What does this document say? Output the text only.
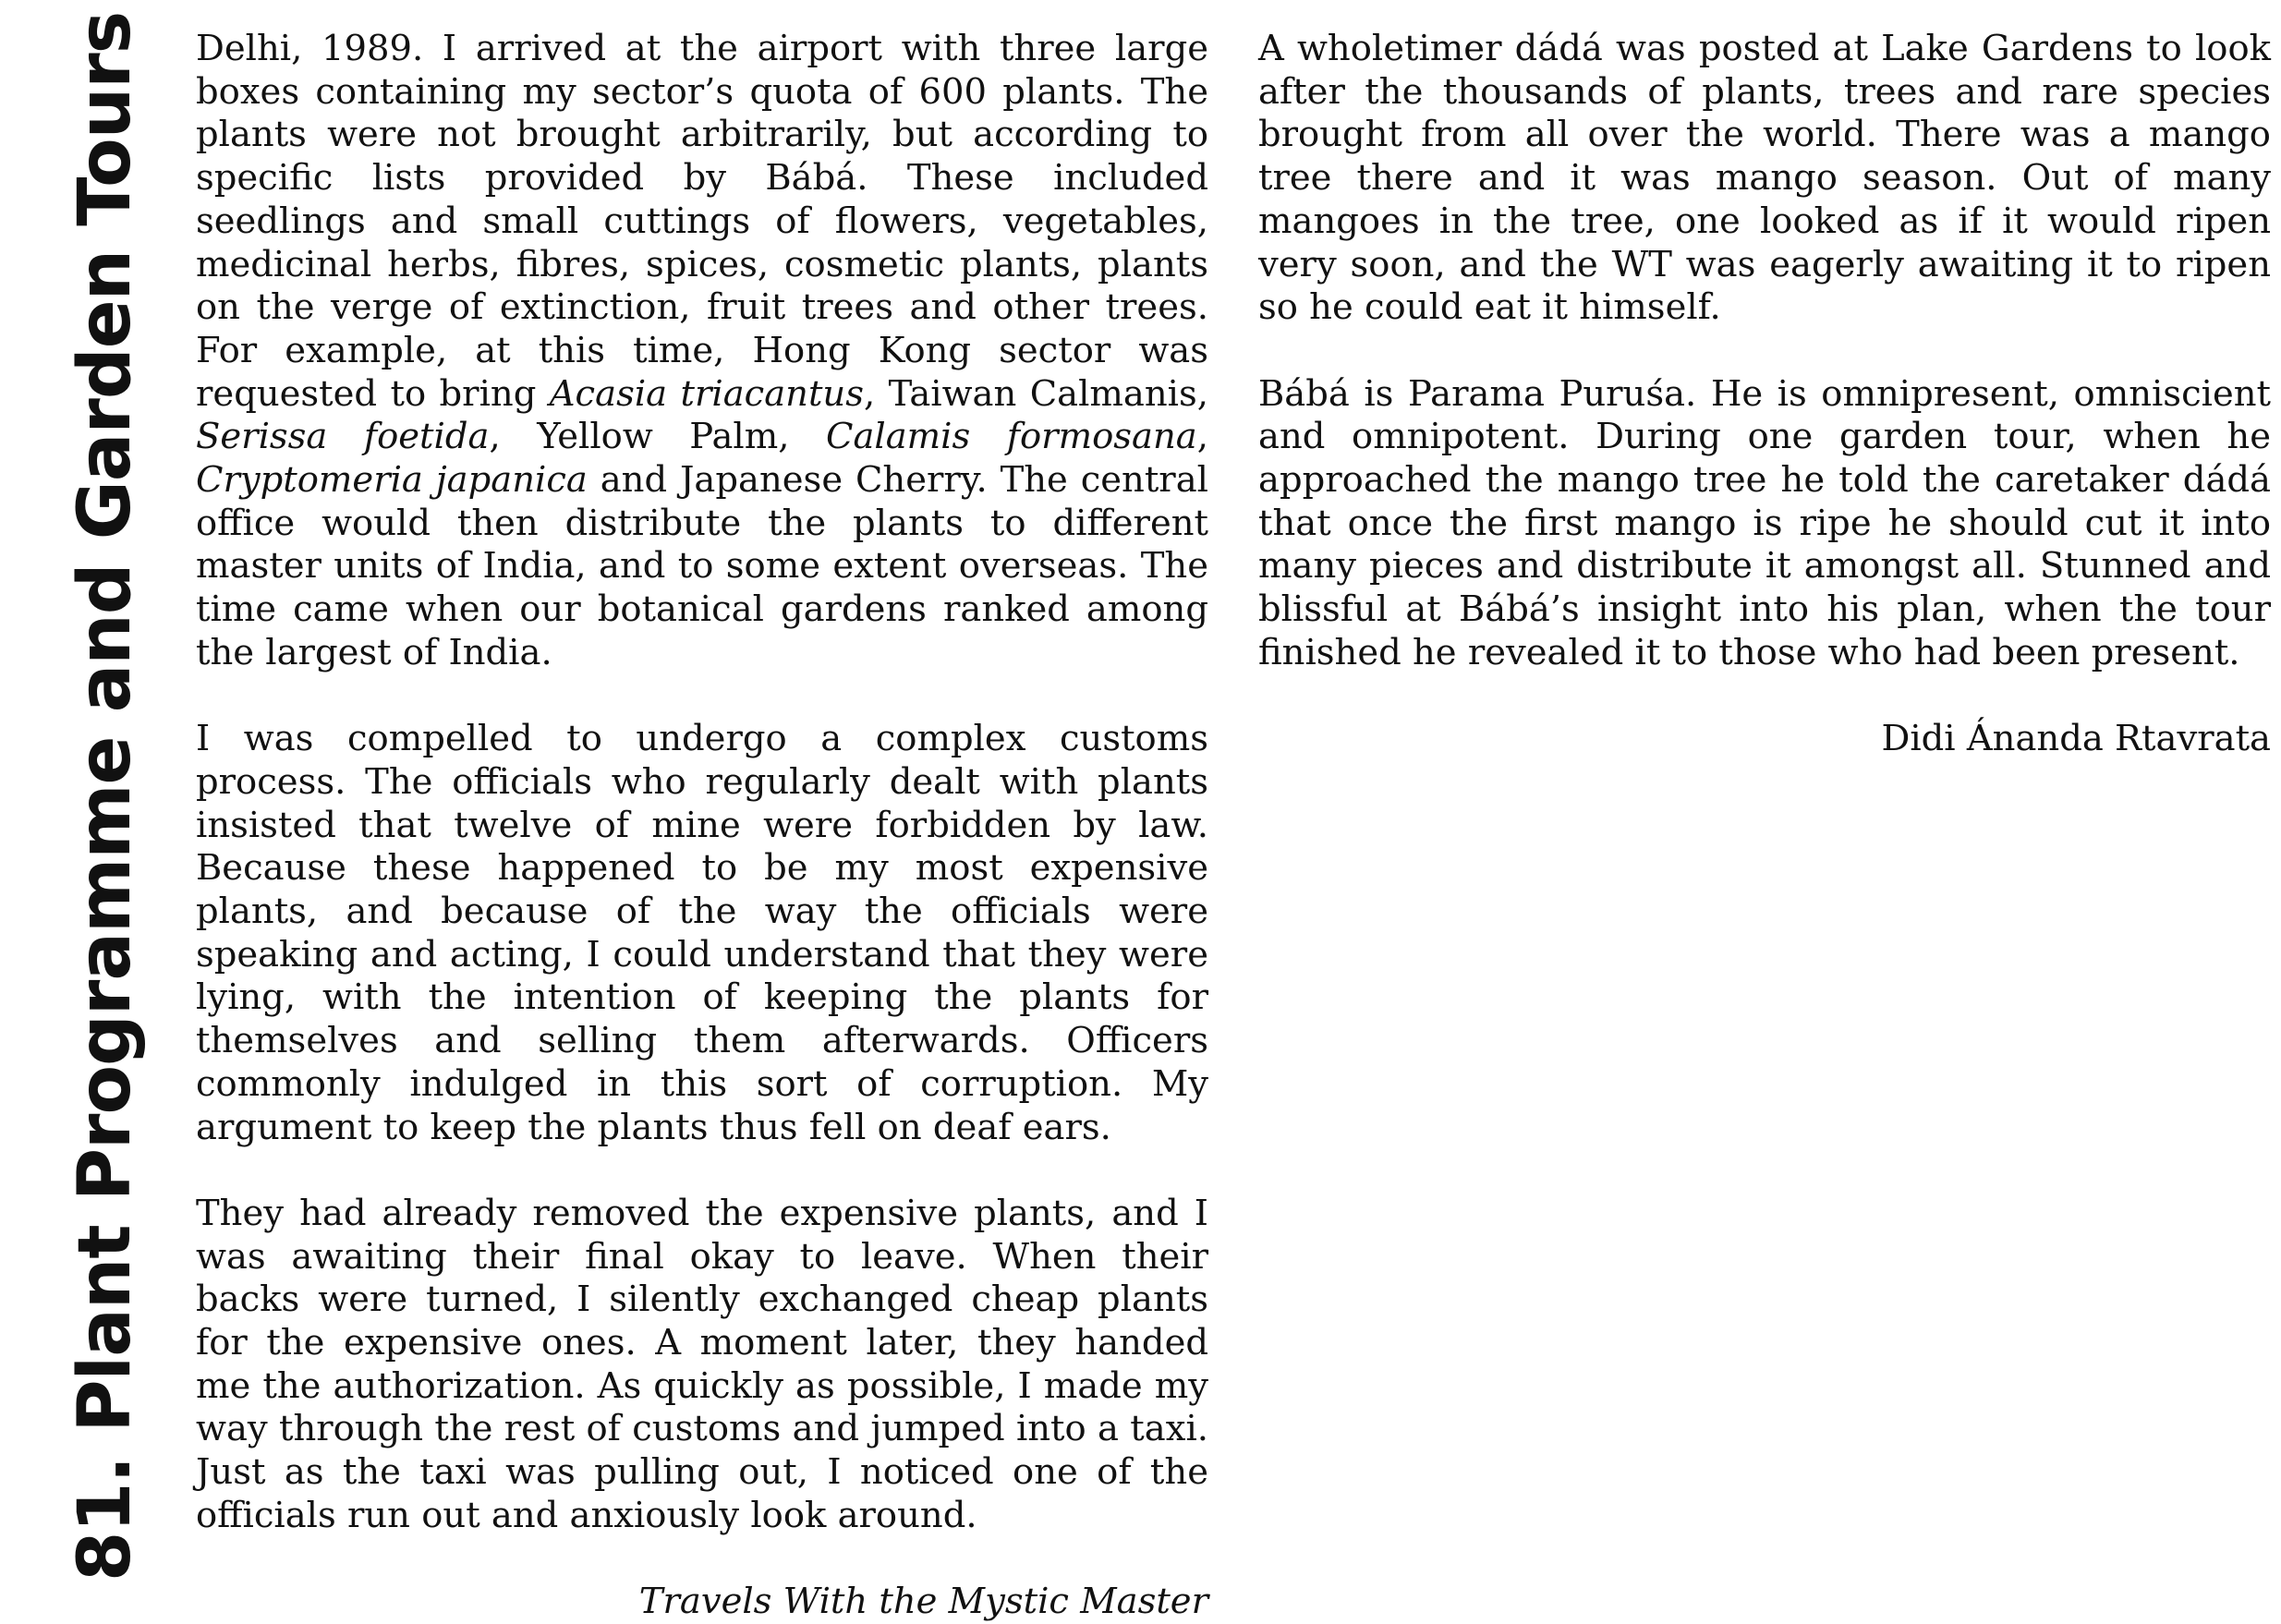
81. Plant Programme and Garden Tours Delhi, 1989. I arrived at the airport with three large boxes containing my sector’s quota of 600 plants. The plants were not brought arbitrarily, but according to specific lists provided by Bábá. These included seedlings and small cuttings of flowers, vegetables, medicinal herbs, fibres, spices, cosmetic plants, plants on the verge of extinction, fruit trees and other trees. For example, at this time, Hong Kong sector was requested to bring Acasia triacantus, Taiwan Calmanis, Serissa foetida, Yellow Palm, Calamis formosana, Cryptomeria japanica and Japanese Cherry. The central office would then distribute the plants to different master units of India, and to some extent overseas. The time came when our botanical gardens ranked among the largest of India.

I was compelled to undergo a complex customs process. The officials who regularly dealt with plants insisted that twelve of mine were forbidden by law. Because these happened to be my most expensive plants, and because of the way the officials were speaking and acting, I could understand that they were lying, with the intention of keeping the plants for themselves and selling them afterwards. Officers commonly indulged in this sort of corruption. My argument to keep the plants thus fell on deaf ears.

They had already removed the expensive plants, and I was awaiting their final okay to leave. When their backs were turned, I silently exchanged cheap plants for the expensive ones. A moment later, they handed me the authorization. As quickly as possible, I made my way through the rest of customs and jumped into a taxi. Just as the taxi was pulling out, I noticed one of the officials run out and anxiously look around.

Travels With the Mystic Master

A wholetimer dádá was posted at Lake Gardens to look after the thousands of plants, trees and rare species brought from all over the world. There was a mango tree there and it was mango season. Out of many mangoes in the tree, one looked as if it would ripen very soon, and the WT was eagerly awaiting it to ripen so he could eat it himself.

Bábá is Parama Puruśa. He is omnipresent, omniscient and omnipotent. During one garden tour, when he approached the mango tree he told the caretaker dádá that once the first mango is ripe he should cut it into many pieces and distribute it amongst all. Stunned and blissful at Bábá’s insight into his plan, when the tour finished he revealed it to those who had been present.

Didi Ánanda Rtavrata
